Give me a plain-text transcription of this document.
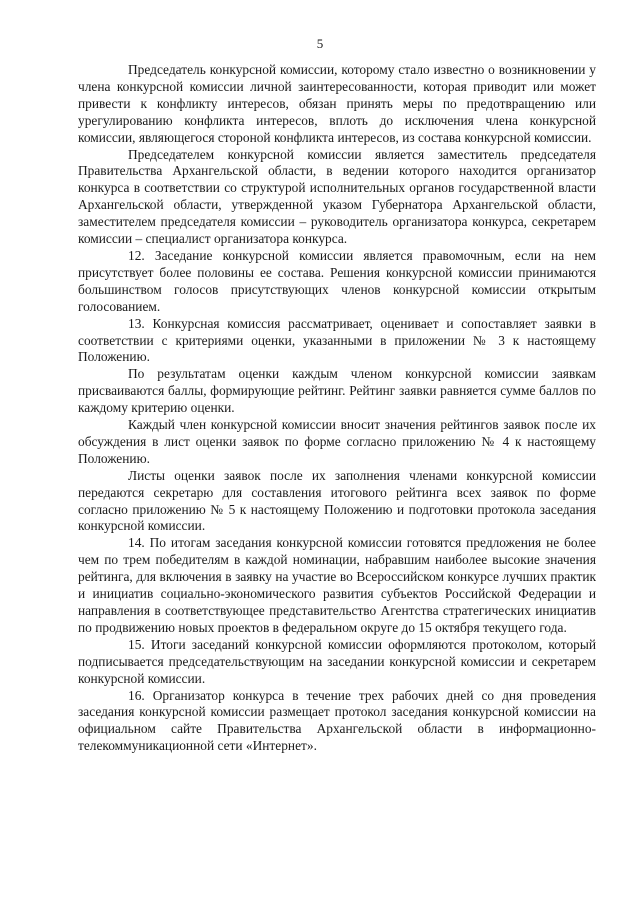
5

Председатель конкурсной комиссии, которому стало известно о возникновении у члена конкурсной комиссии личной заинтересованности, которая приводит или может привести к конфликту интересов, обязан принять меры по предотвращению или урегулированию конфликта интересов, вплоть до исключения члена конкурсной комиссии, являющегося стороной конфликта интересов, из состава конкурсной комиссии.

Председателем конкурсной комиссии является заместитель председателя Правительства Архангельской области, в ведении которого находится организатор конкурса в соответствии со структурой исполнительных органов государственной власти Архангельской области, утвержденной указом Губернатора Архангельской области, заместителем председателя комиссии – руководитель организатора конкурса, секретарем комиссии – специалист организатора конкурса.

12. Заседание конкурсной комиссии является правомочным, если на нем присутствует более половины ее состава. Решения конкурсной комиссии принимаются большинством голосов присутствующих членов конкурсной комиссии открытым голосованием.

13. Конкурсная комиссия рассматривает, оценивает и сопоставляет заявки в соответствии с критериями оценки, указанными в приложении № 3 к настоящему Положению.

По результатам оценки каждым членом конкурсной комиссии заявкам присваиваются баллы, формирующие рейтинг. Рейтинг заявки равняется сумме баллов по каждому критерию оценки.

Каждый член конкурсной комиссии вносит значения рейтингов заявок после их обсуждения в лист оценки заявок по форме согласно приложению № 4 к настоящему Положению.

Листы оценки заявок после их заполнения членами конкурсной комиссии передаются секретарю для составления итогового рейтинга всех заявок по форме согласно приложению № 5 к настоящему Положению и подготовки протокола заседания конкурсной комиссии.

14. По итогам заседания конкурсной комиссии готовятся предложения не более чем по трем победителям в каждой номинации, набравшим наиболее высокие значения рейтинга, для включения в заявку на участие во Всероссийском конкурсе лучших практик и инициатив социально-экономического развития субъектов Российской Федерации и направления в соответствующее представительство Агентства стратегических инициатив по продвижению новых проектов в федеральном округе до 15 октября текущего года.

15. Итоги заседаний конкурсной комиссии оформляются протоколом, который подписывается председательствующим на заседании конкурсной комиссии и секретарем конкурсной комиссии.

16. Организатор конкурса в течение трех рабочих дней со дня проведения заседания конкурсной комиссии размещает протокол заседания конкурсной комиссии на официальном сайте Правительства Архангельской области в информационно-телекоммуникационной сети «Интернет».
